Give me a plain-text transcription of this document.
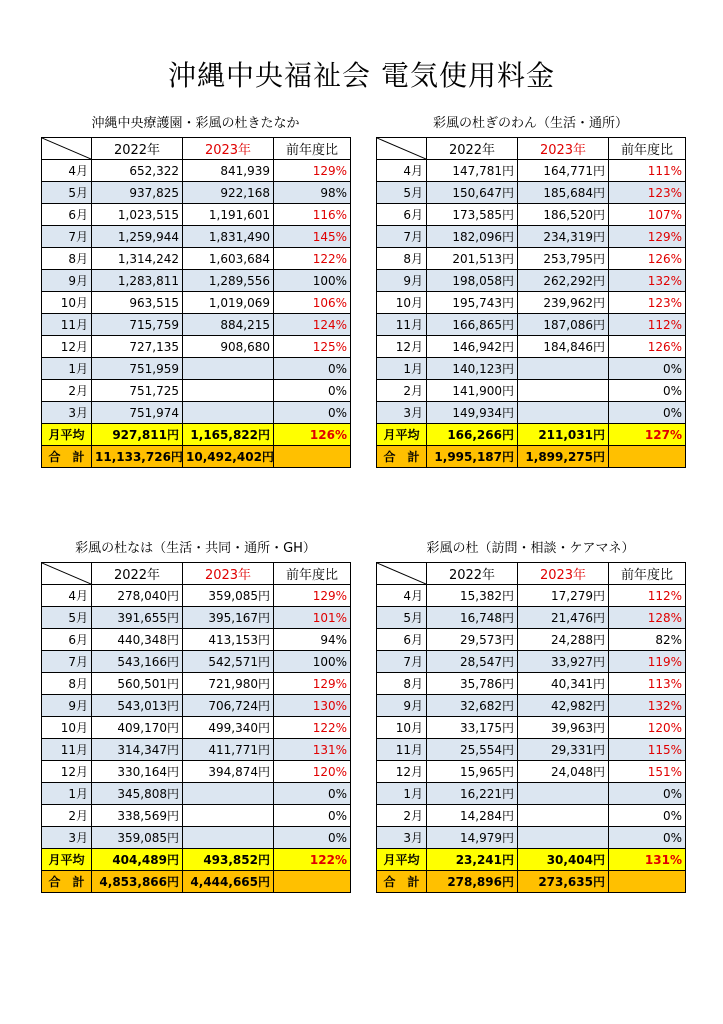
沖縄中央福祉会 電気使用料金
沖縄中央療護園・彩風の杜きたなか
	2022年	2023年	前年度比
4月	652,322	841,939	129%
5月	937,825	922,168	98%
6月	1,023,515	1,191,601	116%
7月	1,259,944	1,831,490	145%
8月	1,314,242	1,603,684	122%
9月	1,283,811	1,289,556	100%
10月	963,515	1,019,069	106%
11月	715,759	884,215	124%
12月	727,135	908,680	125%
1月	751,959		0%
2月	751,725		0%
3月	751,974		0%
月平均	927,811円	1,165,822円	126%
合　計	11,133,726円	10,492,402円	
彩風の杜ぎのわん（生活・通所）
	2022年	2023年	前年度比
4月	147,781円	164,771円	111%
5月	150,647円	185,684円	123%
6月	173,585円	186,520円	107%
7月	182,096円	234,319円	129%
8月	201,513円	253,795円	126%
9月	198,058円	262,292円	132%
10月	195,743円	239,962円	123%
11月	166,865円	187,086円	112%
12月	146,942円	184,846円	126%
1月	140,123円		0%
2月	141,900円		0%
3月	149,934円		0%
月平均	166,266円	211,031円	127%
合　計	1,995,187円	1,899,275円	
彩風の杜なは（生活・共同・通所・GH）
	2022年	2023年	前年度比
4月	278,040円	359,085円	129%
5月	391,655円	395,167円	101%
6月	440,348円	413,153円	94%
7月	543,166円	542,571円	100%
8月	560,501円	721,980円	129%
9月	543,013円	706,724円	130%
10月	409,170円	499,340円	122%
11月	314,347円	411,771円	131%
12月	330,164円	394,874円	120%
1月	345,808円		0%
2月	338,569円		0%
3月	359,085円		0%
月平均	404,489円	493,852円	122%
合　計	4,853,866円	4,444,665円	
彩風の杜（訪問・相談・ケアマネ）
	2022年	2023年	前年度比
4月	15,382円	17,279円	112%
5月	16,748円	21,476円	128%
6月	29,573円	24,288円	82%
7月	28,547円	33,927円	119%
8月	35,786円	40,341円	113%
9月	32,682円	42,982円	132%
10月	33,175円	39,963円	120%
11月	25,554円	29,331円	115%
12月	15,965円	24,048円	151%
1月	16,221円		0%
2月	14,284円		0%
3月	14,979円		0%
月平均	23,241円	30,404円	131%
合　計	278,896円	273,635円	
